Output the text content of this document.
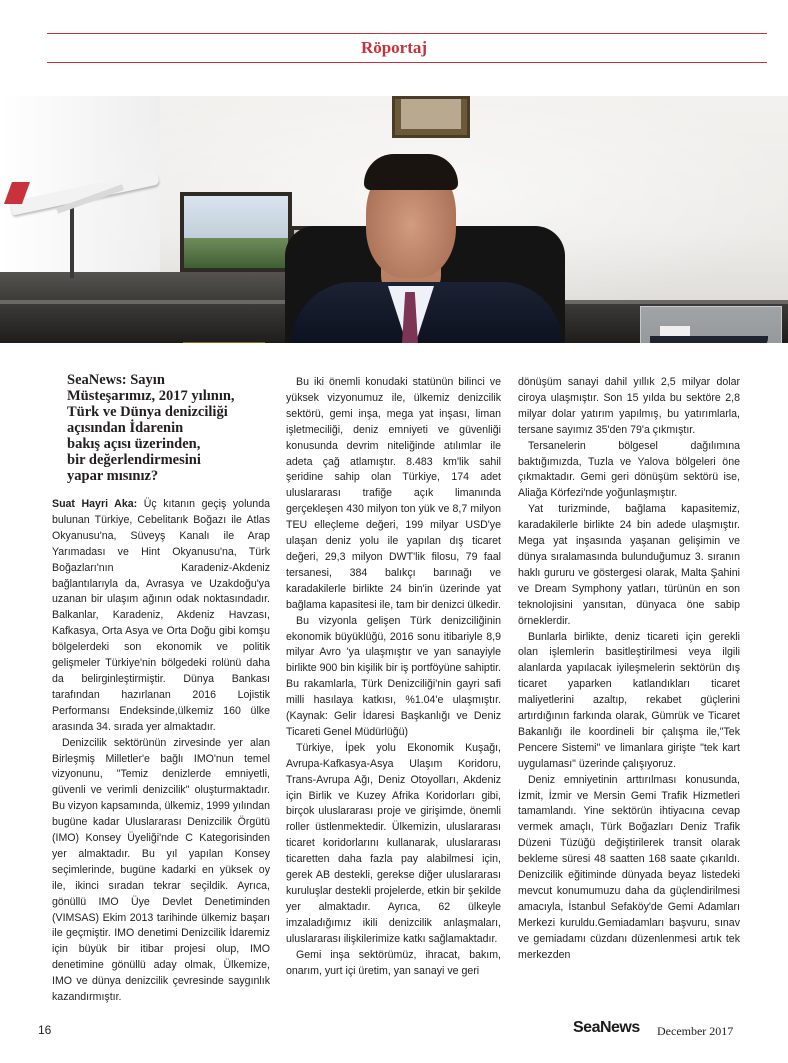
Röportaj
SeaNews: Sayın
Müsteşarımız, 2017 yılının,
Türk ve Dünya denizciliği
açısından İdarenin
bakış açısı üzerinden,
bir değerlendirmesini
yapar mısınız?

Suat Hayri Aka: Üç kıtanın geçiş yolunda bulunan Türkiye, Cebelitarık Boğazı ile Atlas Okyanusu'na, Süveyş Kanalı ile Arap Yarımadası ve Hint Okyanusu'na, Türk Boğazları'nın Karadeniz-Akdeniz bağlantılarıyla da, Avrasya ve Uzakdoğu'ya uzanan bir ulaşım ağının odak noktasındadır. Balkanlar, Karadeniz, Akdeniz Havzası, Kafkasya, Orta Asya ve Orta Doğu gibi komşu bölgelerdeki son ekonomik ve politik gelişmeler Türkiye'nin bölgedeki rolünü daha da belirginleştirmiştir. Dünya Bankası tarafından hazırlanan 2016 Lojistik Performansı Endeksinde,ülkemiz 160 ülke arasında 34. sırada yer almaktadır.

Denizcilik sektörünün zirvesinde yer alan Birleşmiş Milletler'e bağlı IMO'nun temel vizyonunu, "Temiz denizlerde emniyetli, güvenli ve verimli denizcilik" oluşturmaktadır. Bu vizyon kapsamında, ülkemiz, 1999 yılından bugüne kadar Uluslararası Denizcilik Örgütü (IMO) Konsey Üyeliği'nde C Kategorisinden yer almaktadır. Bu yıl yapılan Konsey seçimlerinde, bugüne kadarki en yüksek oy ile, ikinci sıradan tekrar seçildik. Ayrıca, gönüllü IMO Üye Devlet Denetiminden (VIMSAS) Ekim 2013 tarihinde ülkemiz başarı ile geçmiştir. IMO denetimi Denizcilik İdaremiz için büyük bir itibar projesi olup, IMO denetimine gönüllü aday olmak, Ülkemize, IMO ve dünya denizcilik çevresinde saygınlık kazandırmıştır.

Bu iki önemli konudaki statünün bilinci ve yüksek vizyonumuz ile, ülkemiz denizcilik sektörü, gemi inşa, mega yat inşası, liman işletmeciliği, deniz emniyeti ve güvenliği konusunda devrim niteliğinde atılımlar ile adeta çağ atlamıştır. 8.483 km'lik sahil şeridine sahip olan Türkiye, 174 adet uluslararası trafiğe açık limanında gerçekleşen 430 milyon ton yük ve 8,7 milyon TEU elleçleme değeri, 199 milyar USD'ye ulaşan deniz yolu ile yapılan dış ticaret değeri, 29,3 milyon DWT'lik filosu, 79 faal tersanesi, 384 balıkçı barınağı ve karadakilerle birlikte 24 bin'in üzerinde yat bağlama kapasitesi ile, tam bir denizci ülkedir.

Bu vizyonla gelişen Türk denizciliğinin ekonomik büyüklüğü, 2016 sonu itibariyle 8,9 milyar Avro 'ya ulaşmıştır ve yan sanayiyle birlikte 900 bin kişilik bir iş portföyüne sahiptir. Bu rakamlarla, Türk Denizciliği'nin gayri safi milli hasılaya katkısı, %1.04'e ulaşmıştır. (Kaynak: Gelir İdaresi Başkanlığı ve Deniz Ticareti Genel Müdürlüğü)

Türkiye, İpek yolu Ekonomik Kuşağı, Avrupa-Kafkasya-Asya Ulaşım Koridoru, Trans-Avrupa Ağı, Deniz Otoyolları, Akdeniz için Birlik ve Kuzey Afrika Koridorları gibi, birçok uluslararası proje ve girişimde, önemli roller üstlenmektedir. Ülkemizin, uluslararası ticaret koridorlarını kullanarak, uluslararası ticaretten daha fazla pay alabilmesi için, gerek AB destekli, gerekse diğer uluslararası kuruluşlar destekli projelerde, etkin bir şekilde yer almaktadır. Ayrıca, 62 ülkeyle imzaladığımız ikili denizcilik anlaşmaları, uluslararası ilişkilerimize katkı sağlamaktadır.

Gemi inşa sektörümüz, ihracat, bakım, onarım, yurt içi üretim, yan sanayi ve geri

dönüşüm sanayi dahil yıllık 2,5 milyar dolar ciroya ulaşmıştır. Son 15 yılda bu sektöre 2,8 milyar dolar yatırım yapılmış, bu yatırımlarla, tersane sayımız 35'den 79'a çıkmıştır.

Tersanelerin bölgesel dağılımına baktığımızda, Tuzla ve Yalova bölgeleri öne çıkmaktadır. Gemi geri dönüşüm sektörü ise, Aliağa Körfezi'nde yoğunlaşmıştır.

Yat turizminde, bağlama kapasitemiz, karadakilerle birlikte 24 bin adede ulaşmıştır. Mega yat inşasında yaşanan gelişimin ve dünya sıralamasında bulunduğumuz 3. sıranın haklı gururu ve göstergesi olarak, Malta Şahini ve Dream Symphony yatları, türünün en son teknolojisini yansıtan, dünyaca öne sabip örneklerdir.

Bunlarla birlikte, deniz ticareti için gerekli olan işlemlerin basitleştirilmesi veya ilgili alanlarda yapılacak iyileşmelerin sektörün dış ticaret yaparken katlandıkları ticaret maliyetlerini azaltıp, rekabet güçlerini artırdığının farkında olarak, Gümrük ve Ticaret Bakanlığı ile koordineli bir çalışma ile,"Tek Pencere Sistemi" ve limanlara girişte "tek kart uygulaması" üzerinde çalışıyoruz.

Deniz emniyetinin arttırılması konusunda, İzmit, İzmir ve Mersin Gemi Trafik Hizmetleri tamamlandı. Yine sektörün ihtiyacına cevap vermek amaçlı, Türk Boğazları Deniz Trafik Düzeni Tüzüğü değiştirilerek transit olarak bekleme süresi 48 saatten 168 saate çıkarıldı. Denizcilik eğitiminde dünyada beyaz listedeki mevcut konumumuzu daha da güçlendirilmesi amacıyla, İstanbul Sefaköy'de Gemi Adamları Merkezi kuruldu.Gemiadamları başvuru, sınav ve gemiadamı cüzdanı düzenlenmesi artık tek merkezden

16	SeaNews December 2017
